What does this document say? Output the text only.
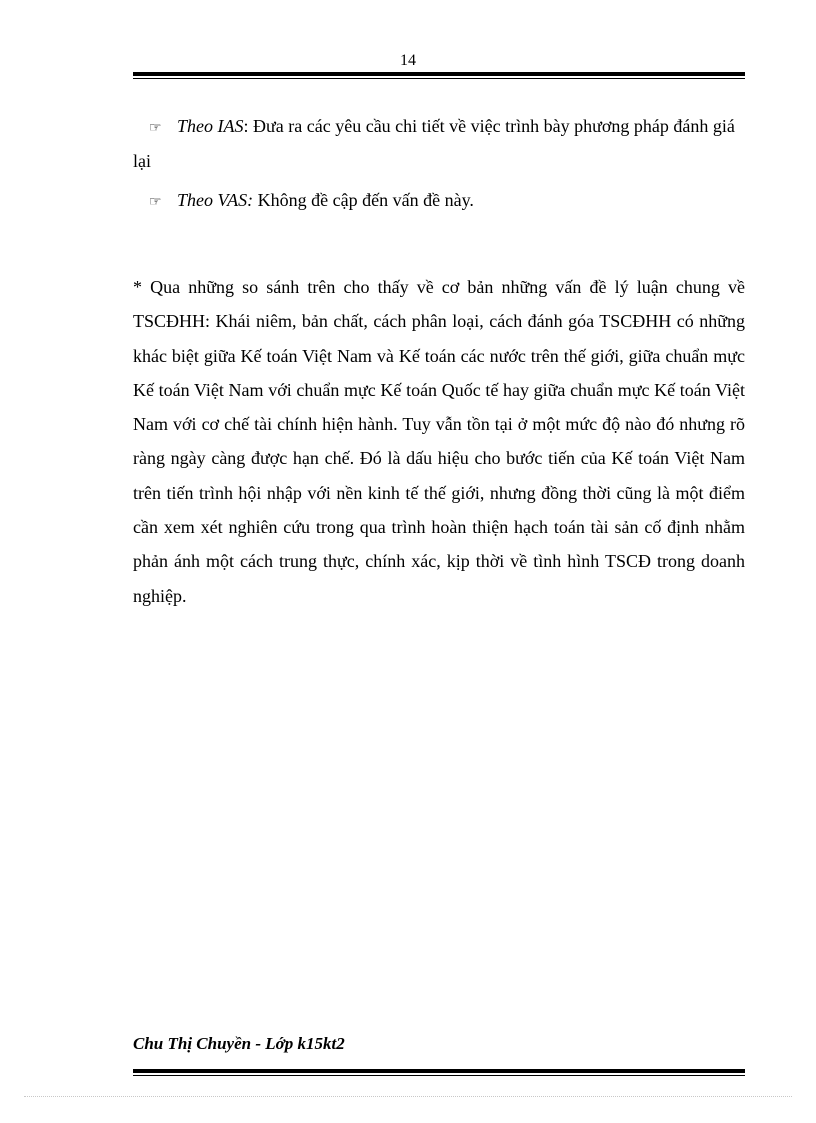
14
☞ Theo IAS: Đưa ra các yêu cầu chi tiết về việc trình bày phương pháp đánh giá lại
☞ Theo VAS: Không đề cập đến vấn đề này.
* Qua những so sánh trên cho thấy về cơ bản những vấn đề lý luận chung về TSCĐHH: Khái niêm, bản chất, cách phân loại, cách đánh góa TSCĐHH có những khác biệt giữa Kế toán Việt Nam và Kế toán các nước trên thế giới, giữa chuẩn mực Kế toán Việt Nam với chuẩn mực Kế toán Quốc tế hay giữa chuẩn mực Kế toán Việt Nam với cơ chế tài chính hiện hành. Tuy vẫn tồn tại ở một mức độ nào đó nhưng rõ ràng ngày càng được hạn chế. Đó là dấu hiệu cho bước tiến của Kế toán Việt Nam trên tiến trình hội nhập với nền kinh tế thế giới, nhưng đồng thời cũng là một điểm cần xem xét nghiên cứu trong qua trình hoàn thiện hạch toán tài sản cố định nhằm phản ánh một cách trung thực, chính xác, kịp thời về tình hình TSCĐ trong doanh nghiệp.
Chu Thị Chuyền - Lớp k15kt2
